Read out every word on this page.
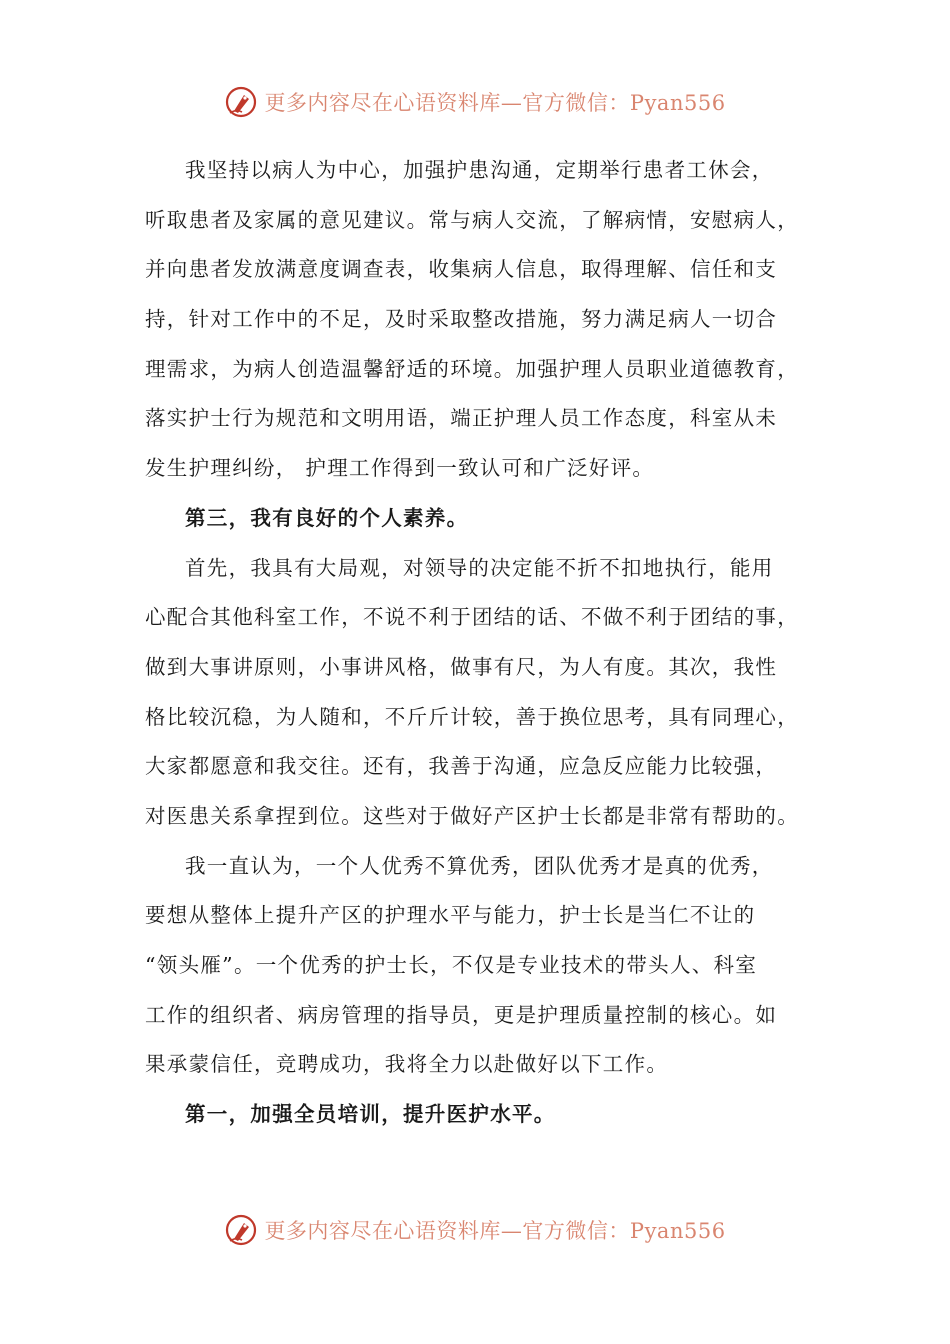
更多内容尽在心语资料库—官方微信：Pyan556
我坚持以病人为中心，加强护患沟通，定期举行患者工休会，
听取患者及家属的意见建议。常与病人交流，了解病情，安慰病人，
并向患者发放满意度调查表，收集病人信息，取得理解、信任和支
持，针对工作中的不足，及时采取整改措施，努力满足病人一切合
理需求，为病人创造温馨舒适的环境。加强护理人员职业道德教育，
落实护士行为规范和文明用语，端正护理人员工作态度，科室从未
发生护理纠纷， 护理工作得到一致认可和广泛好评。
第三，我有良好的个人素养。
首先，我具有大局观，对领导的决定能不折不扣地执行，能用
心配合其他科室工作，不说不利于团结的话、不做不利于团结的事，
做到大事讲原则，小事讲风格，做事有尺，为人有度。其次，我性
格比较沉稳，为人随和，不斤斤计较，善于换位思考，具有同理心，
大家都愿意和我交往。还有，我善于沟通，应急反应能力比较强，
对医患关系拿捏到位。这些对于做好产区护士长都是非常有帮助的。
我一直认为，一个人优秀不算优秀，团队优秀才是真的优秀，
要想从整体上提升产区的护理水平与能力，护士长是当仁不让的
“领头雁”。一个优秀的护士长，不仅是专业技术的带头人、科室
工作的组织者、病房管理的指导员，更是护理质量控制的核心。如
果承蒙信任，竞聘成功，我将全力以赴做好以下工作。
第一，加强全员培训，提升医护水平。
更多内容尽在心语资料库—官方微信：Pyan556
